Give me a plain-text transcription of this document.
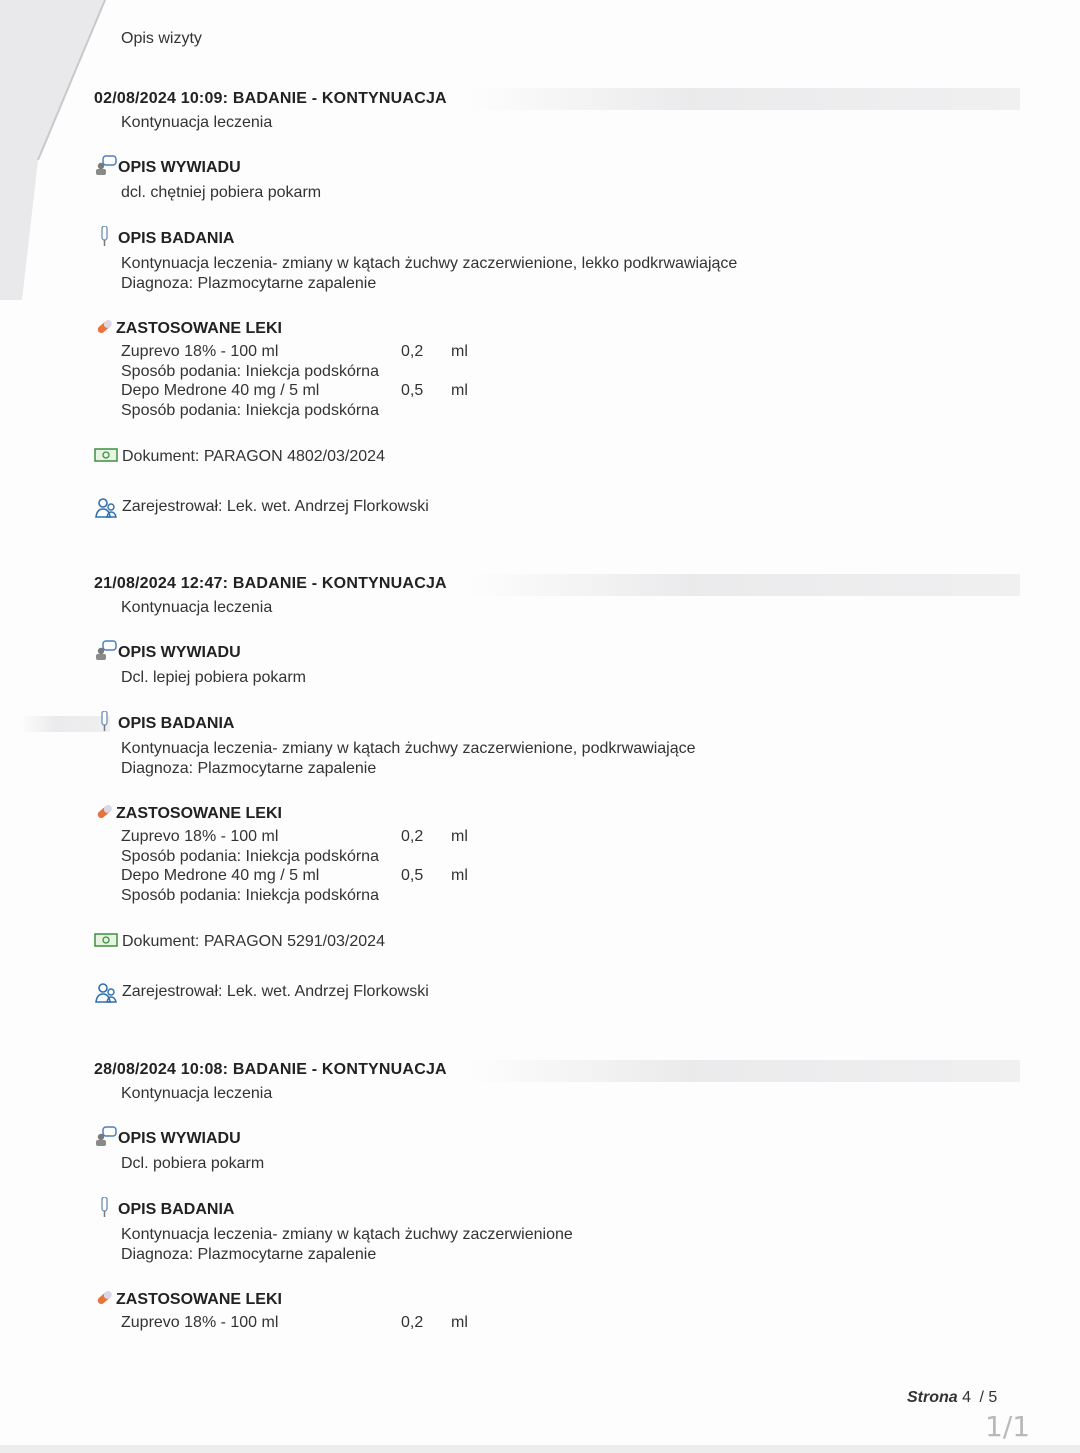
Opis wizyty
02/08/2024 10:09: BADANIE - KONTYNUACJA
Kontynuacja leczenia
OPIS WYWIADU
dcl. chętniej pobiera pokarm
OPIS BADANIA
Kontynuacja leczenia- zmiany w kątach żuchwy zaczerwienione, lekko podkrwawiające
Diagnoza: Plazmocytarne zapalenie
ZASTOSOWANE LEKI
Zuprevo 18% - 100 ml	0,2	ml
Sposób podania: Iniekcja podskórna
Depo Medrone 40 mg / 5 ml	0,5	ml
Sposób podania: Iniekcja podskórna
Dokument: PARAGON 4802/03/2024
Zarejestrował: Lek. wet. Andrzej Florkowski
21/08/2024 12:47: BADANIE - KONTYNUACJA
Kontynuacja leczenia
OPIS WYWIADU
Dcl. lepiej pobiera pokarm
OPIS BADANIA
Kontynuacja leczenia- zmiany w kątach żuchwy zaczerwienione, podkrwawiające
Diagnoza: Plazmocytarne zapalenie
ZASTOSOWANE LEKI
Zuprevo 18% - 100 ml	0,2	ml
Sposób podania: Iniekcja podskórna
Depo Medrone 40 mg / 5 ml	0,5	ml
Sposób podania: Iniekcja podskórna
Dokument: PARAGON 5291/03/2024
Zarejestrował: Lek. wet. Andrzej Florkowski
28/08/2024 10:08: BADANIE - KONTYNUACJA
Kontynuacja leczenia
OPIS WYWIADU
Dcl. pobiera pokarm
OPIS BADANIA
Kontynuacja leczenia- zmiany w kątach żuchwy zaczerwienione
Diagnoza: Plazmocytarne zapalenie
ZASTOSOWANE LEKI
Zuprevo 18% - 100 ml	0,2	ml
Strona 4 / 5
1/1
